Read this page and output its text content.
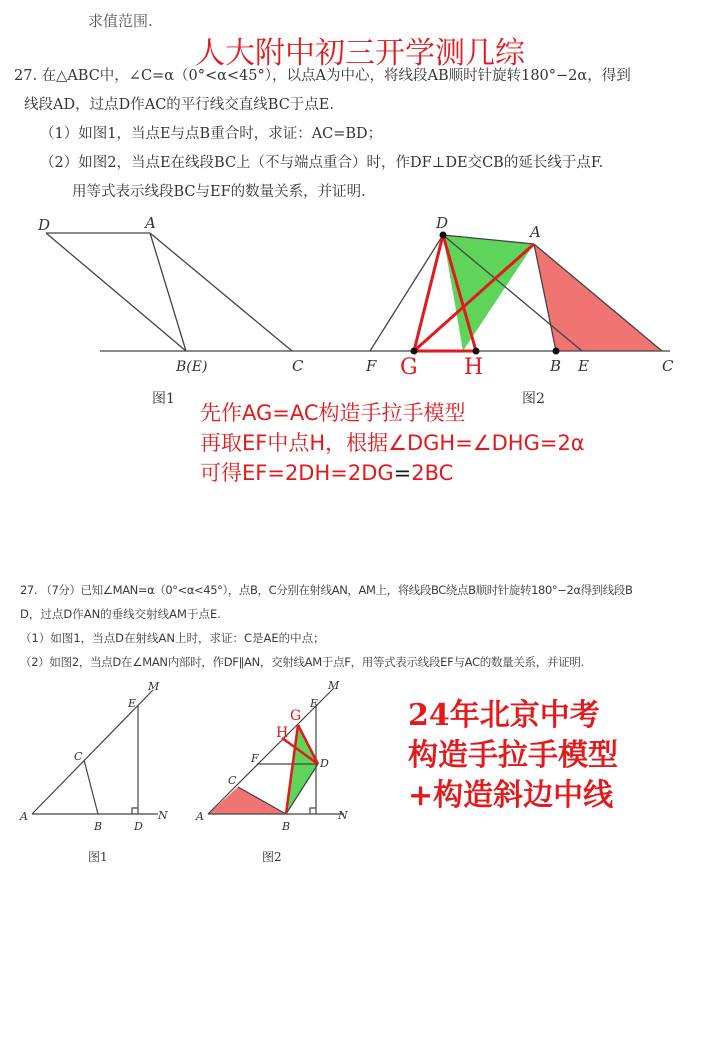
求值范围.
人大附中初三开学测几综
27. 在△ABC中，∠C=α（0°<α<45°），以点A为中心，将线段AB顺时针旋转180°−2α，得到
线段AD，过点D作AC的平行线交直线BC于点E.
（1）如图1，当点E与点B重合时，求证：AC=BD；
（2）如图2，当点E在线段BC上（不与端点重合）时，作DF⊥DE交CB的延长线于点F.
用等式表示线段BC与EF的数量关系，并证明.
D	A
B(E)	C
图1
D	A
F G H	B E	C
图2
先作AG=AC构造手拉手模型
再取EF中点H，根据∠DGH=∠DHG=2α
可得EF=2DH=2DG=2BC
27. （7分）已知∠MAN=α（0°<α<45°），点B，C分别在射线AN，AM上，将线段BC绕点B顺时针旋转180°−2α得到线段B
D，过点D作AN的垂线交射线AM于点E.
（1）如图1，当点D在射线AN上时，求证：C是AE的中点；
（2）如图2，当点D在∠MAN内部时，作DF∥AN，交射线AM于点F，用等式表示线段EF与AC的数量关系，并证明.
M
E
C
A
B	D
N
图1
M
E
G
H
F
C
D
A
B
N
图2
24年北京中考
构造手拉手模型
+构造斜边中线
